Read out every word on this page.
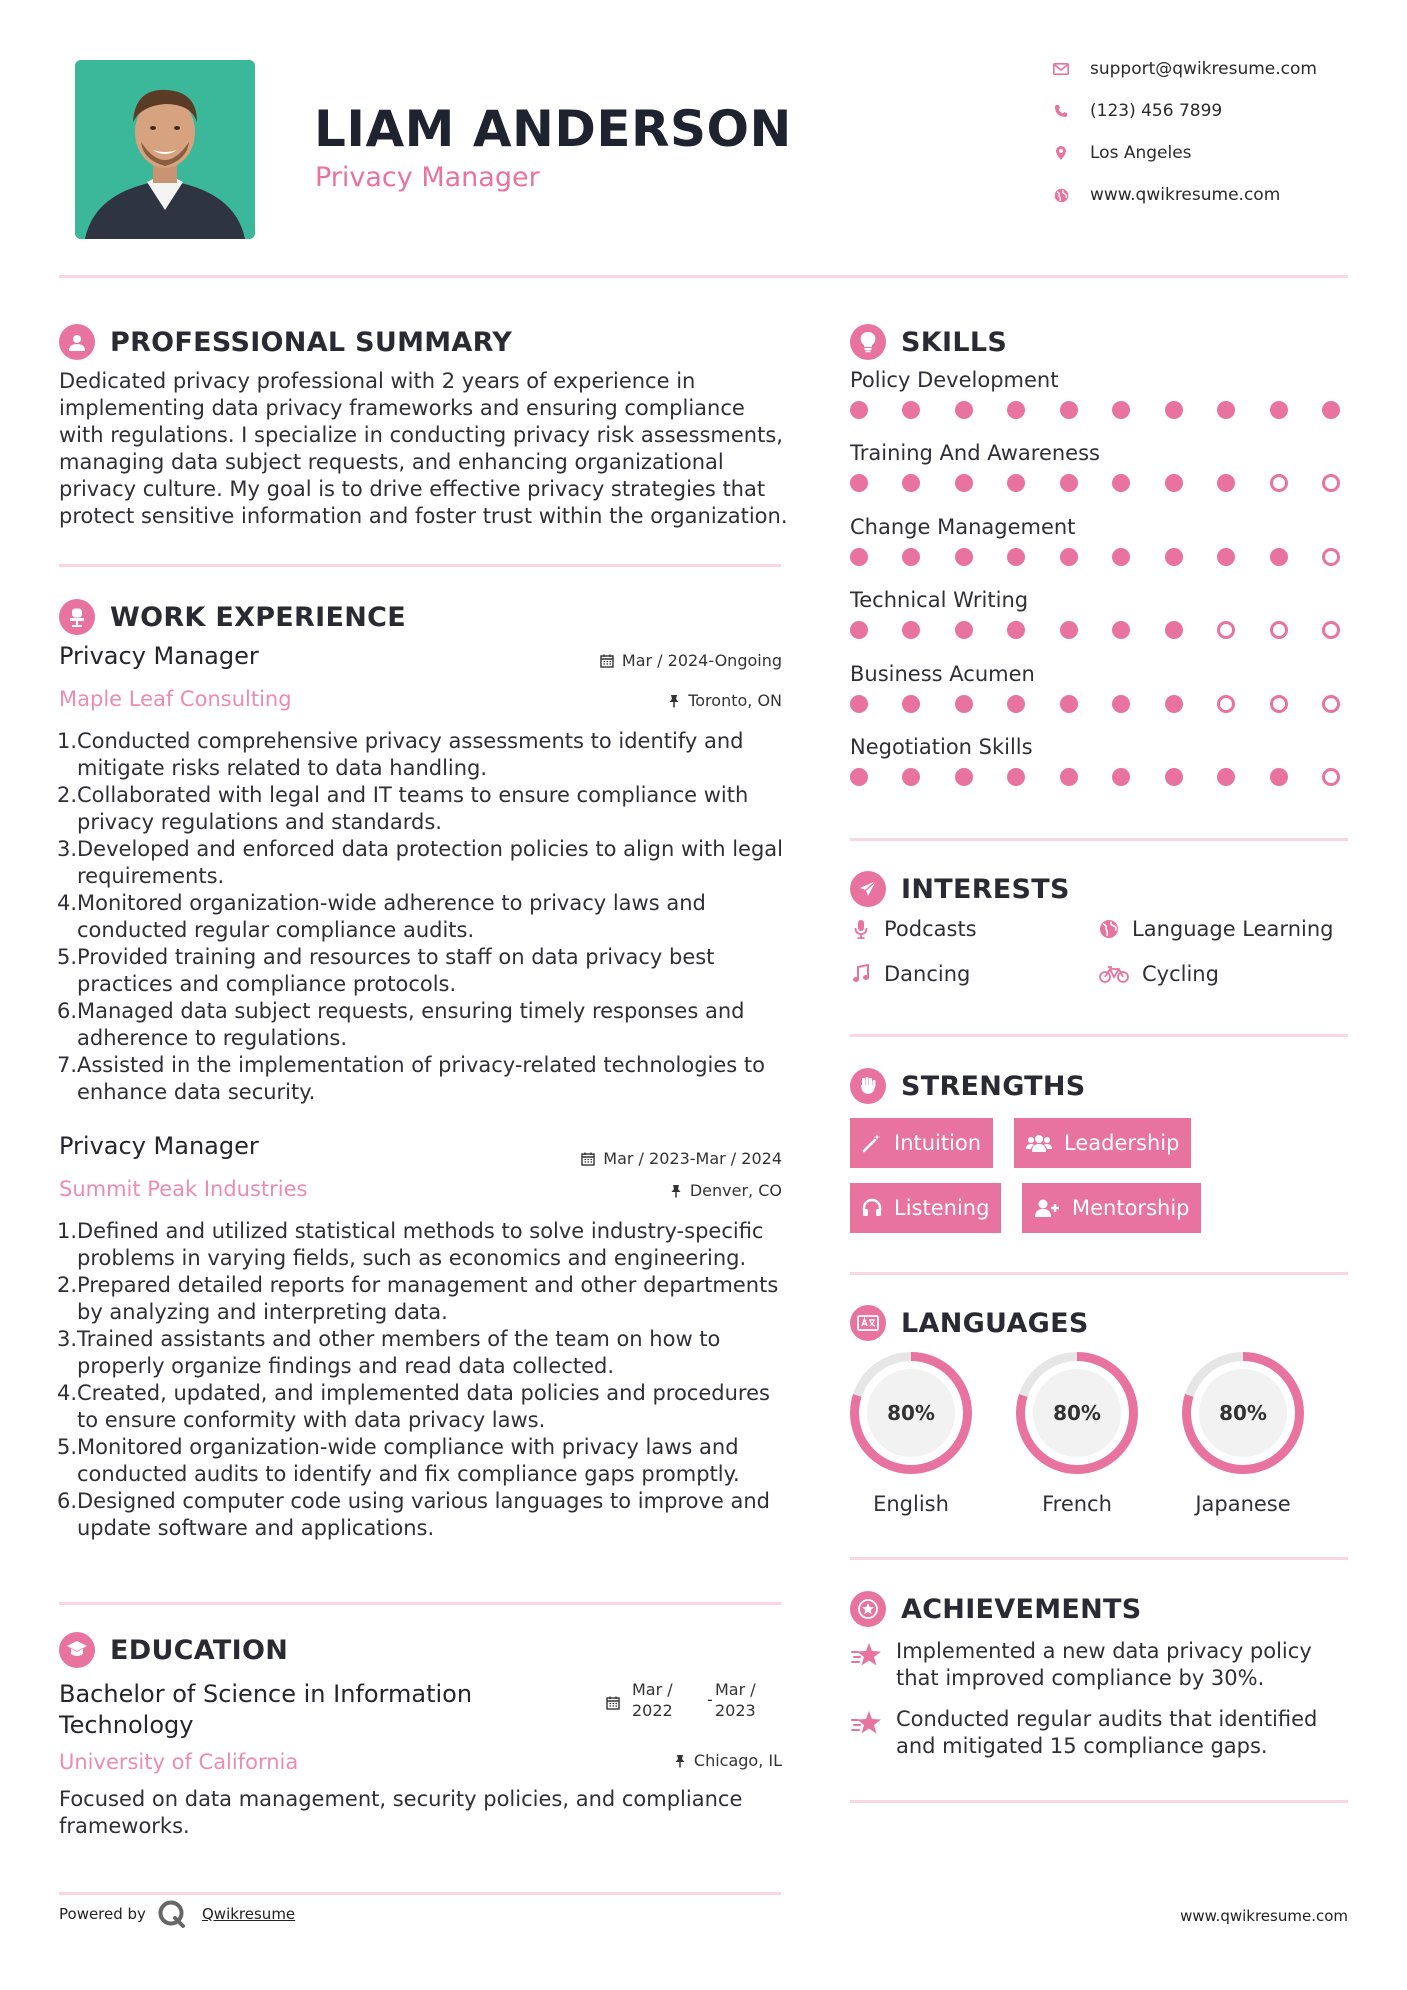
LIAM ANDERSON
Privacy Manager
support@qwikresume.com
(123) 456 7899
Los Angeles
www.qwikresume.com
PROFESSIONAL SUMMARY
Dedicated privacy professional with 2 years of experience in implementing data privacy frameworks and ensuring compliance with regulations. I specialize in conducting privacy risk assessments, managing data subject requests, and enhancing organizational privacy culture. My goal is to drive effective privacy strategies that protect sensitive information and foster trust within the organization.
WORK EXPERIENCE
Privacy Manager	Mar / 2024-Ongoing
Maple Leaf Consulting	Toronto, ON
1. Conducted comprehensive privacy assessments to identify and mitigate risks related to data handling.
2. Collaborated with legal and IT teams to ensure compliance with privacy regulations and standards.
3. Developed and enforced data protection policies to align with legal requirements.
4. Monitored organization-wide adherence to privacy laws and conducted regular compliance audits.
5. Provided training and resources to staff on data privacy best practices and compliance protocols.
6. Managed data subject requests, ensuring timely responses and adherence to regulations.
7. Assisted in the implementation of privacy-related technologies to enhance data security.
Privacy Manager	Mar / 2023-Mar / 2024
Summit Peak Industries	Denver, CO
1. Defined and utilized statistical methods to solve industry-specific problems in varying fields, such as economics and engineering.
2. Prepared detailed reports for management and other departments by analyzing and interpreting data.
3. Trained assistants and other members of the team on how to properly organize findings and read data collected.
4. Created, updated, and implemented data policies and procedures to ensure conformity with data privacy laws.
5. Monitored organization-wide compliance with privacy laws and conducted audits to identify and fix compliance gaps promptly.
6. Designed computer code using various languages to improve and update software and applications.
EDUCATION
Bachelor of Science in Information
Technology
Mar /
2022
-
Mar /
2023
University of California	Chicago, IL
Focused on data management, security policies, and compliance frameworks.
Powered by	Qwikresume	www.qwikresume.com
SKILLS
Policy Development
Training And Awareness
Change Management
Technical Writing
Business Acumen
Negotiation Skills
INTERESTS
Podcasts	Language Learning
Dancing	Cycling
STRENGTHS
Intuition	Leadership
Listening	Mentorship
LANGUAGES
80%
English
80%
French
80%
Japanese
ACHIEVEMENTS
Implemented a new data privacy policy
that improved compliance by 30%.
Conducted regular audits that identified
and mitigated 15 compliance gaps.
